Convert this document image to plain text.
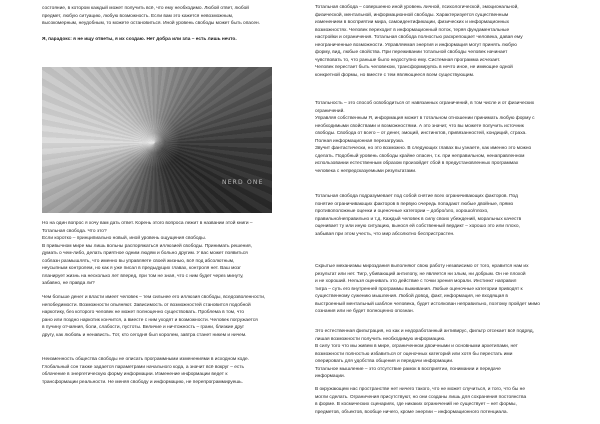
состояние, в котором каждый может получить всё, что ему необходимо. Любой ответ, любой
предмет, любую ситуацию, любую возможность. Если вам это кажется невозможным,
высокомерным, неудобным, то можете остановиться. Иной уровень свободы может быть опасен.
Я, парадокс: я не ищу ответы, я их создаю. Нет добра или зла – есть лишь нечто.
NERD ONE
Но на один вопрос я хочу вам дать ответ. Корень этого вопроса лежит в названии этой книги –
Тотальная свобода. Что это?
Если коротко – принципиально новый, иной уровень ощущения свободы.
В привычном мире мы лишь вольны распоряжаться иллюзией свободы. Принимать решения,
думать о чем-либо, делать приятное одним людям и больно другим. У вас может появиться
соблазн размышлять, что именно вы управляете своей жизнью, всё под абсолютным,
неусыпным контролем, но как я уже писал в предыдущих главах, контроля нет. Ваш мозг
планирует жизнь на несколько лет вперед, при том не зная, что с ним будет через минуту,
забавно, не правда ли?
Чем больше денег и власти имеет человек – тем сильнее его иллюзия свободы, вседозволенности,
непобедимости. Возможности опьяняют. Зависимость от возможностей становится подобной
наркотику, без которого человек не может полноценно существовать. Проблема в том, что
рано или поздно наркотик кончится, а вместе с ним уходят и возможности. Человек погружается
в пучину отчаяния, боли, слабости, пустоты. Величие и ничтожность – грани, близкие друг
другу, как любовь и ненависть. Тот, кто сегодня был королем, завтра станет никем и ничем.
Неизменность общества свободы не описать программными изменениями в исходном коде.
Глобальный сон также задается параметрами начального кода, а значит всё вокруг – есть
облачение в энергетическую форму информации. Изменение информации ведет к
трансформации реальности. Не меняя свободу и информацию, не перепрограммируешь.
Тотальная свобода – совершенно иной уровень личной, психологической, эмоциональной,
физической, ментальной, информационной свободы. Характеризуется существенным
изменением в восприятии мира, самоидентификации, физических и информационных
возможностях. Человек переходит в информационный поток, теряя фундаментальные
настройки и ограничения. Тотальная свобода полностью раскрепощает человека, давая ему
неограниченные возможности. Управляемая энергия и информация могут принять любую
форму, вид, любые свойства. При переживании тотальной свободы человек начинает
чувствовать то, что раньше было недоступно ему. Системная программа исчезает.
Человек перестает быть человеком, трансформируясь в нечто иное, не имеющее одной
конкретной формы, но вместе с тем являющееся всем существующим.
Тотальность – это способ освободиться от навязанных ограничений, в том числе и от физических
ограничений.
Управляя собственным Я, информация может в тотальном отношении принимать любую форму с
необходимыми свойствами и возможностями. А это значит, что вы можете получить источник
свободы. Свобода от всего – от денег, эмоций, инстинктов, привязанностей, кондиций, страха.
Полная информационная перезагрузка.
Звучит фантастически, но это возможно. В следующих главах вы узнаете, как именно это можно
сделать. Подобный уровень свободы крайне опасен, т.к. при неправильном, ненаправленном
использовании естественным образом произойдет сбой в предустановленных программах
человека с непредсказуемыми результатами.
Тотальная свобода подразумевает под собой снятие всех ограничивающих факторов. Под
понятие ограничивающих факторов в первую очередь попадают любые двойные, прямо
противоположные оценки и оценочные категории – добро/зло, хорошо/плохо,
правильно/неправильно и т.д. Каждый человек в силу своих убеждений, моральных качеств
оценивает ту или иную ситуацию, вынося ей собственный вердикт – хорошо это или плохо,
забывая при этом учесть, что мир абсолютно беспристрастен.
Скрытые механизмы мироздания выполняют свою работу независимо от того, нравится нам их
результат или нет. Тигр, убивающий антилопу, не является ни злым, ни добрым. Он не плохой
и не хороший. Нельзя оценивать это действие с точки зрения морали. Инстинкт направил
тигра – суть его внутренней программы выживания. Любые оценочные категории приводят к
существенному сужению мышления. Любой довод, факт, информация, не входящая в
выстроенный ментальный шаблон человека, будет истолкован неправильно, поэтому пройдет мимо
сознания или не будет полноценно опознан.
Это естественная фильтрация, но как и недоработанный антивирус, фильтр отсекает всё подряд,
лишая возможности получить необходимую информацию.
В силу того что мы живем в мире, ограниченном двоичными и основными архетипами, нет
возможности полностью избавиться от оценочных категорий или хотя бы перестать ими
оперировать для удобства общения и передачи информации.
Тотальное мышление – это отсутствие рамок в восприятии, понимании и передаче
информации.
В окружающем нас пространстве нет ничего такого, что не может случиться, и того, что бы не
могли сделать. Ограничения присутствуют, но они созданы лишь для сохранения постоянства
в форме. В космических сценариях, где никаких ограничений не существует – нет формы,
предметов, объектов, вообще ничего, кроме энергии – информационного потенциала.
